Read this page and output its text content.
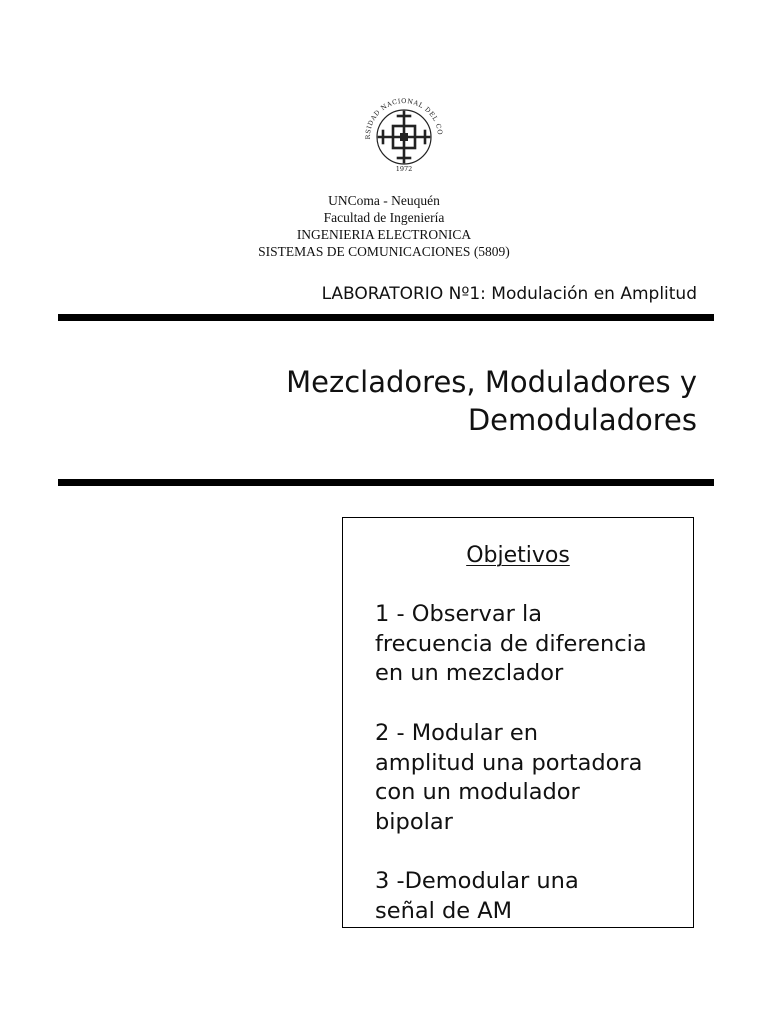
RSIDAD NACIONAL DEL CO
1972
UNComa - Neuquén
Facultad de Ingeniería
INGENIERIA ELECTRONICA
SISTEMAS DE COMUNICACIONES (5809)
LABORATORIO Nº1: Modulación en Amplitud
Mezcladores, Moduladores y
Demoduladores
Objetivos
1 - Observar la
frecuencia de diferencia
en un mezclador
2 - Modular en
amplitud una portadora
con un modulador
bipolar
3 -Demodular una
señal de AM
